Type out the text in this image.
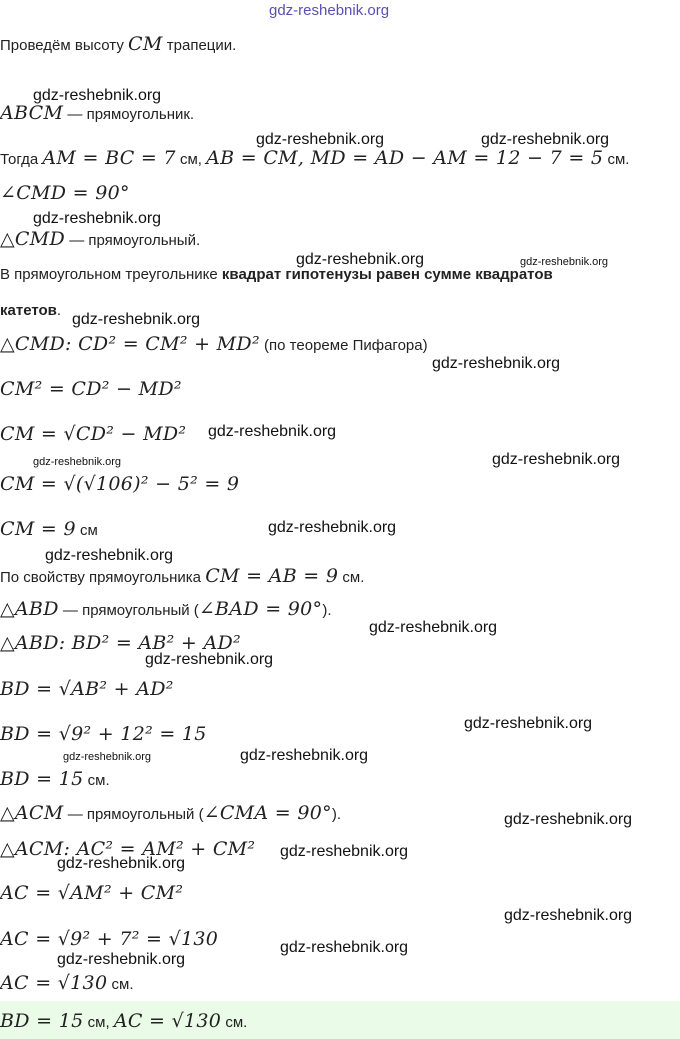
gdz-reshebnik.org
Проведём высоту CM трапеции.
ABCM — прямоугольник.
Тогда AM = BC = 7 см, AB = CM, MD = AD − AM = 12 − 7 = 5 см.
∠CMD = 90°
△CMD — прямоугольный.
В прямоугольном треугольнике квадрат гипотенузы равен сумме квадратов
катетов.
△CMD: CD² = CM² + MD² (по теореме Пифагора)
CM² = CD² − MD²
CM = √CD² − MD²
CM = √(√106)² − 5² = 9
CM = 9 см
По свойству прямоугольника CM = AB = 9 см.
△ABD — прямоугольный (∠BAD = 90°).
△ABD: BD² = AB² + AD²
BD = √AB² + AD²
BD = √9² + 12² = 15
BD = 15 см.
△ACM — прямоугольный (∠CMA = 90°).
△ACM: AC² = AM² + CM²
AC = √AM² + CM²
AC = √9² + 7² = √130
AC = √130 см.
BD = 15 см, AC = √130 см.
gdz-reshebnik.org
gdz-reshebnik.org	gdz-reshebnik.org
gdz-reshebnik.org
gdz-reshebnik.org	gdz-reshebnik.org
gdz-reshebnik.org
gdz-reshebnik.org
gdz-reshebnik.org
gdz-reshebnik.org	gdz-reshebnik.org
gdz-reshebnik.org
gdz-reshebnik.org
gdz-reshebnik.org
gdz-reshebnik.org
gdz-reshebnik.org
gdz-reshebnik.org	gdz-reshebnik.org
gdz-reshebnik.org
gdz-reshebnik.org
gdz-reshebnik.org
gdz-reshebnik.org
gdz-reshebnik.org
gdz-reshebnik.org
